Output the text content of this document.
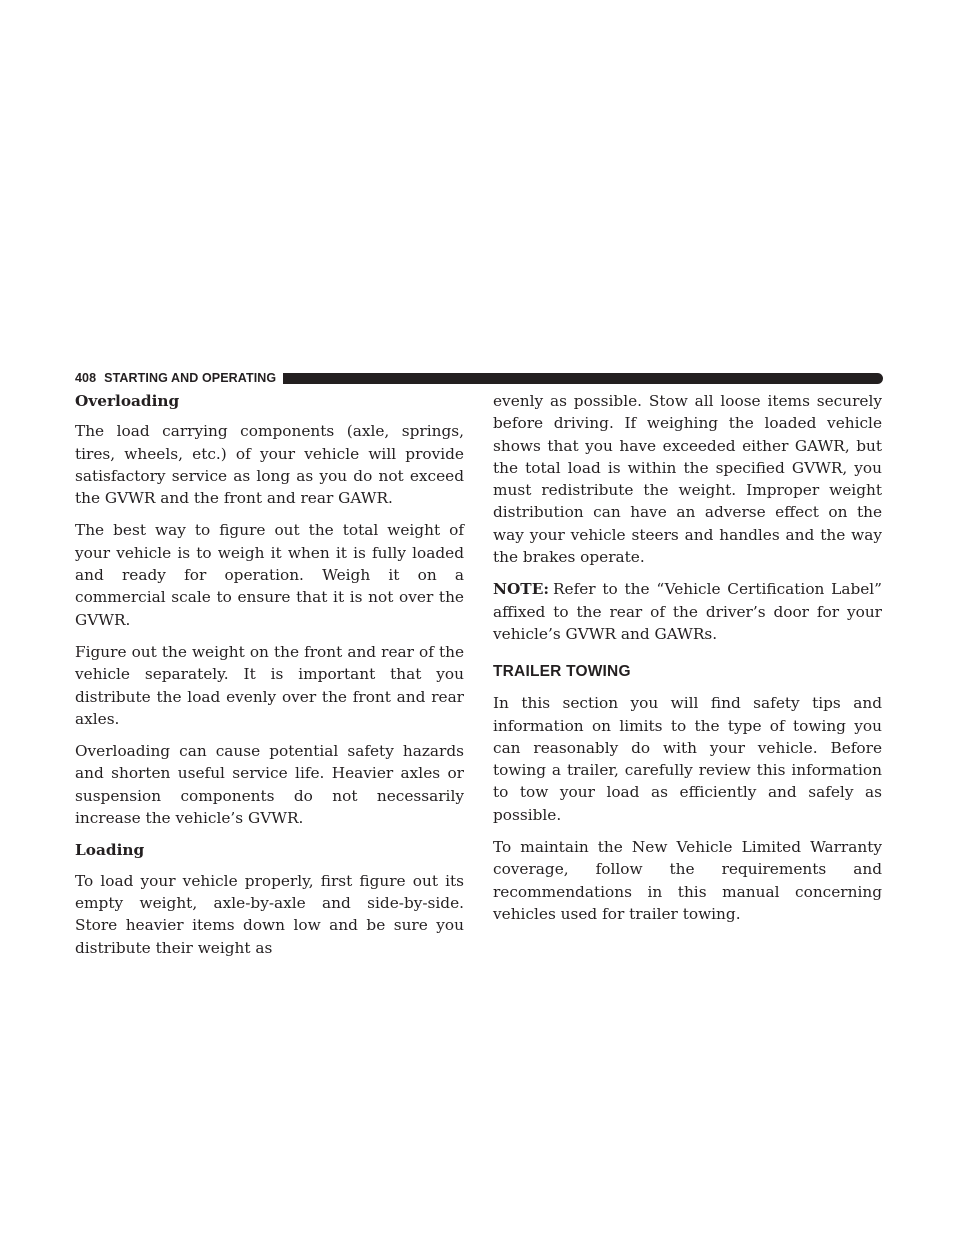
408 STARTING AND OPERATING

Overloading

The load carrying components (axle, springs, tires, wheels, etc.) of your vehicle will provide satisfactory service as long as you do not exceed the GVWR and the front and rear GAWR.

The best way to figure out the total weight of your vehicle is to weigh it when it is fully loaded and ready for operation. Weigh it on a commercial scale to ensure that it is not over the GVWR.

Figure out the weight on the front and rear of the vehicle separately. It is important that you distribute the load evenly over the front and rear axles.

Overloading can cause potential safety hazards and shorten useful service life. Heavier axles or suspension components do not necessarily increase the vehicle’s GVWR.

Loading

To load your vehicle properly, first figure out its empty weight, axle-by-axle and side-by-side. Store heavier items down low and be sure you distribute their weight as

evenly as possible. Stow all loose items securely before driving. If weighing the loaded vehicle shows that you have exceeded either GAWR, but the total load is within the specified GVWR, you must redistribute the weight. Improper weight distribution can have an adverse effect on the way your vehicle steers and handles and the way the brakes operate.

NOTE: Refer to the “Vehicle Certification Label” affixed to the rear of the driver’s door for your vehicle’s GVWR and GAWRs.

TRAILER TOWING

In this section you will find safety tips and information on limits to the type of towing you can reasonably do with your vehicle. Before towing a trailer, carefully review this information to tow your load as efficiently and safely as possible.

To maintain the New Vehicle Limited Warranty coverage, follow the requirements and recommendations in this manual concerning vehicles used for trailer towing.
